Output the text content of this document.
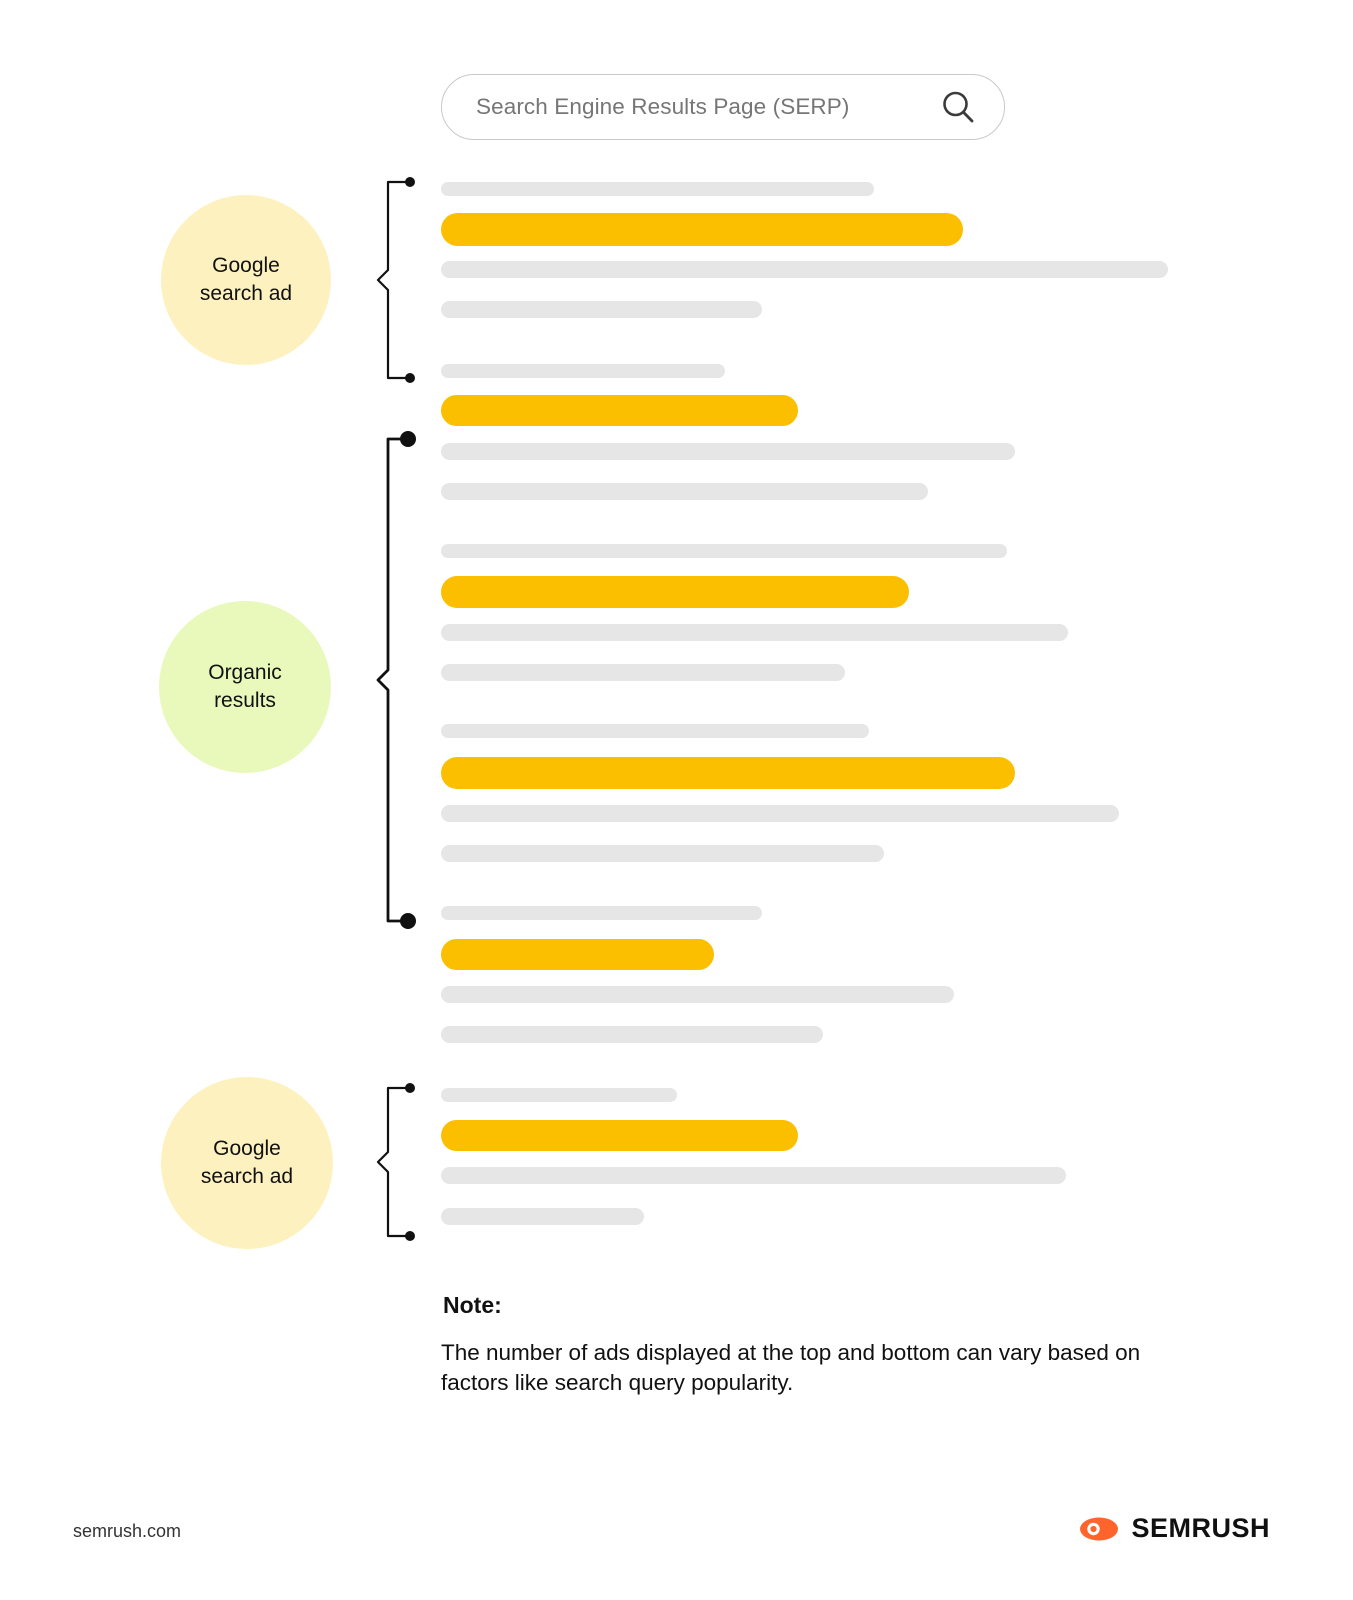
Search Engine Results Page (SERP)
Google
search ad
Organic
results
Google
search ad
Note:
The number of ads displayed at the top and bottom can vary based on factors like search query popularity.
semrush.com	SEMRUSH
